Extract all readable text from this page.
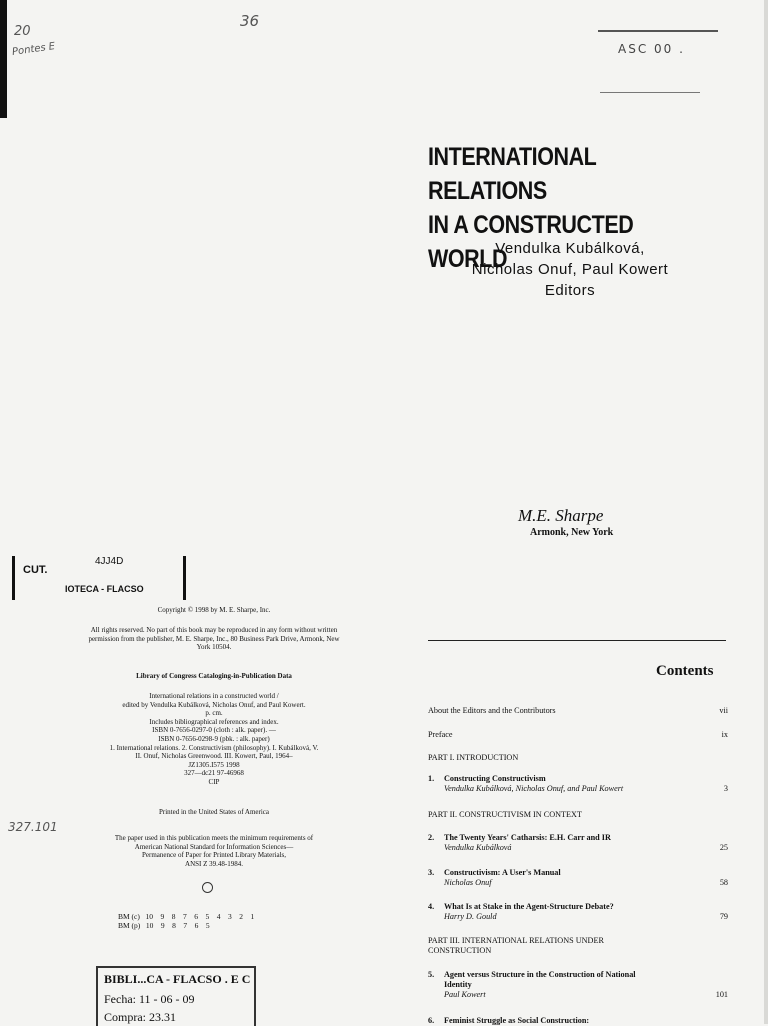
20
Pontes E
36
ASC 00 .
INTERNATIONAL RELATIONS
IN A CONSTRUCTED WORLD
Vendulka Kubálková,
Nicholas Onuf, Paul Kowert
Editors
M.E. Sharpe
Armonk, New York
CUT.
4JJ4D
IOTECA - FLACSO
Copyright © 1998 by M. E. Sharpe, Inc.
All rights reserved. No part of this book may be reproduced in any form without written permission from the publisher, M. E. Sharpe, Inc., 80 Business Park Drive, Armonk, New York 10504.
Library of Congress Cataloging-in-Publication Data
International relations in a constructed world /
edited by Vendulka Kubálková, Nicholas Onuf, and Paul Kowert.
p. cm.
Includes bibliographical references and index.
ISBN 0-7656-0297-0 (cloth : alk. paper). —
ISBN 0-7656-0298-9 (pbk. : alk. paper)
1. International relations. 2. Constructivism (philosophy). I. Kubálková, V.
II. Onuf, Nicholas Greenwood. III. Kowert, Paul, 1964–
JZ1305.I575 1998
327—dc21 97-46968
CIP
Printed in the United States of America
The paper used in this publication meets the minimum requirements of
American National Standard for Information Sciences—
Permanence of Paper for Printed Library Materials,
ANSI Z 39.48-1984.
BM (c)   10    9    8    7    6    5    4    3    2    1
BM (p)   10    9    8    7    6    5
327.101
BIBLI...CA - FLACSO . E C
Fecha: 11 - 06 - 09
Compra: 23.31
Contents
About the Editors and the Contributors	vii
Preface	ix
PART I. INTRODUCTION
1. Constructing Constructivism
Vendulka Kubálková, Nicholas Onuf, and Paul Kowert	3
PART II. CONSTRUCTIVISM IN CONTEXT
2. The Twenty Years' Catharsis: E.H. Carr and IR
Vendulka Kubálková	25
3. Constructivism: A User's Manual
Nicholas Onuf	58
4. What Is at Stake in the Agent-Structure Debate?
Harry D. Gould	79
PART III. INTERNATIONAL RELATIONS UNDER CONSTRUCTION
5. Agent versus Structure in the Construction of National Identity
Paul Kowert	101
6. Feminist Struggle as Social Construction:
